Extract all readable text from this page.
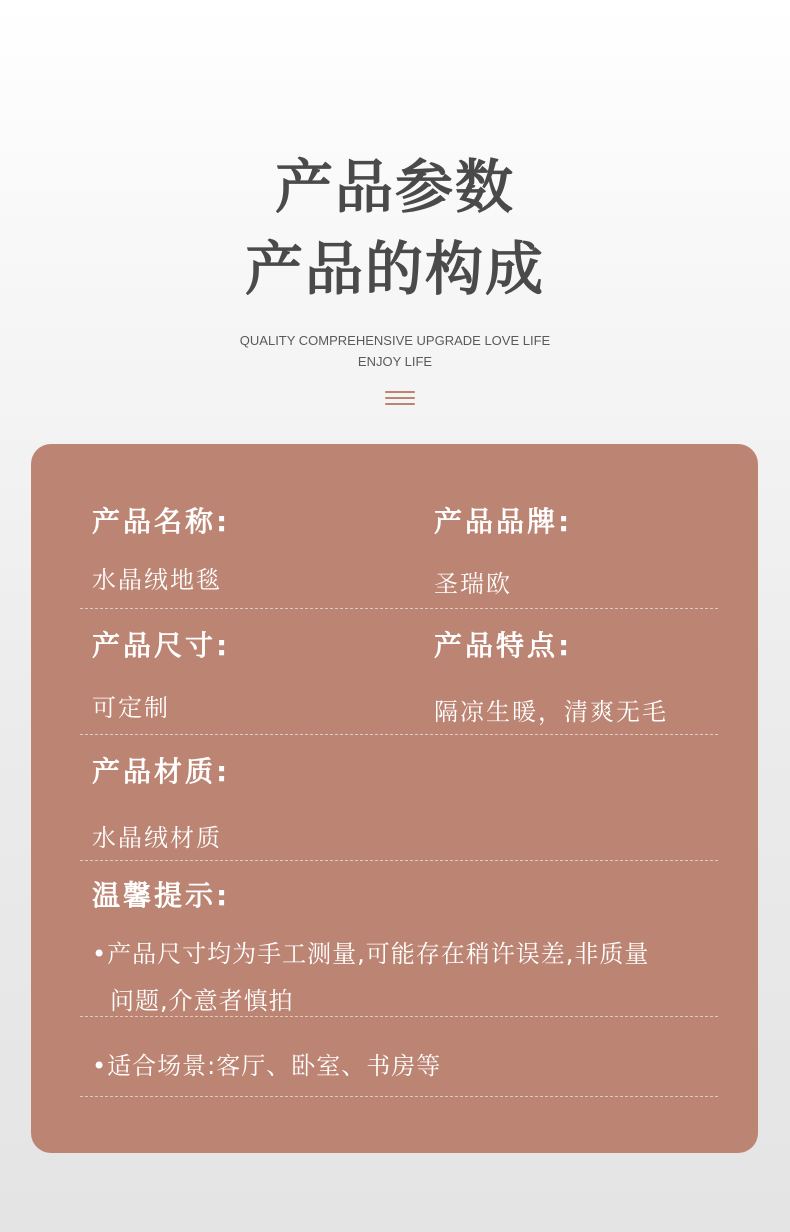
产品参数
产品的构成
QUALITY COMPREHENSIVE UPGRADE LOVE LIFE
ENJOY LIFE
产品名称:	产品品牌:
水晶绒地毯	圣瑞欧
产品尺寸:	产品特点:
可定制	隔凉生暖，清爽无毛
产品材质:
水晶绒材质
温馨提示:
•产品尺寸均为手工测量,可能存在稍许误差,非质量
问题,介意者慎拍
•适合场景:客厅、卧室、书房等
